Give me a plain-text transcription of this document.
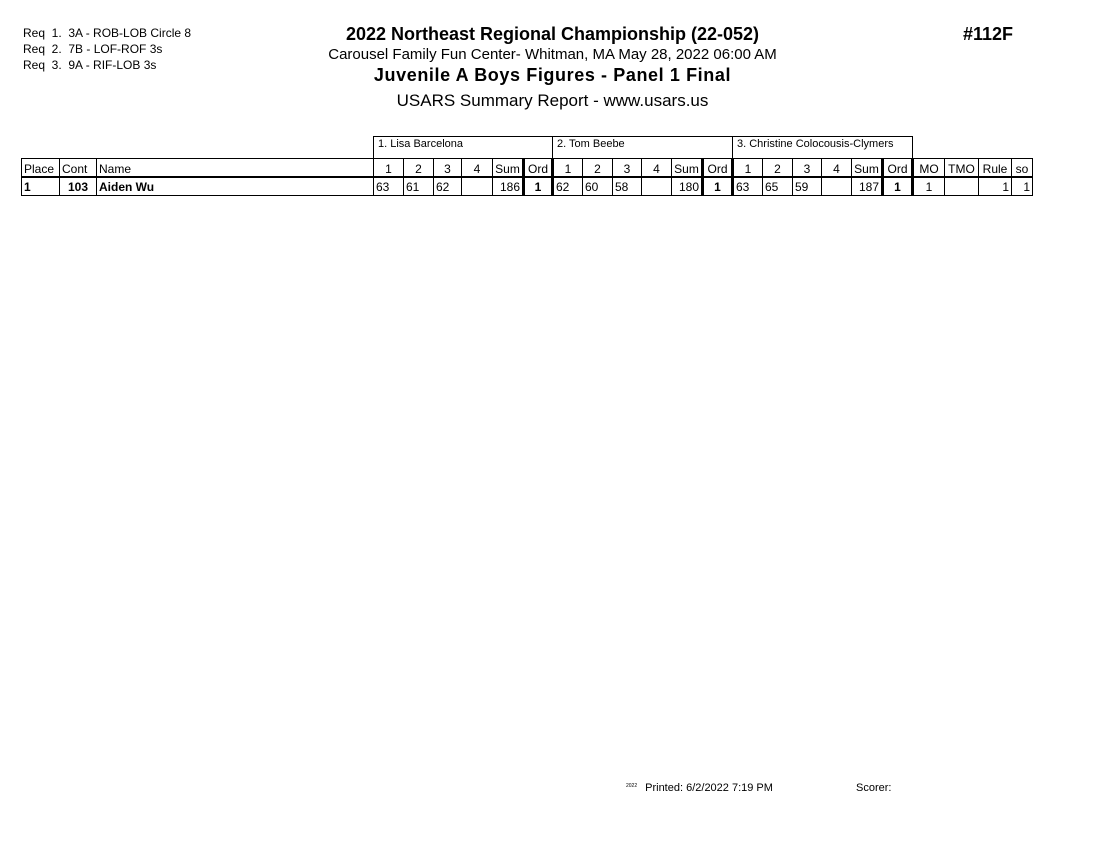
Req  1.  3A - ROB-LOB Circle 8
Req  2.  7B - LOF-ROF 3s
Req  3.  9A - RIF-LOB 3s
2022 Northeast Regional Championship (22-052)
Carousel Family Fun Center- Whitman, MA May 28, 2022 06:00 AM
Juvenile A Boys Figures - Panel 1 Final
USARS Summary Report - www.usars.us
#112F
			1. Lisa Barcelona						2. Tom Beebe						3. Christine Colocousis-Clymers									
Place	Cont	Name	1	2	3	4	Sum	Ord	1	2	3	4	Sum	Ord	1	2	3	4	Sum	Ord	MO	TMO	Rule	so
1	103	Aiden Wu	63	61	62		186	1	62	60	58		180	1	63	65	59		187	1	1		1	1
$^{2022}$ Printed: 6/2/2022 7:19 PM	Scorer:
